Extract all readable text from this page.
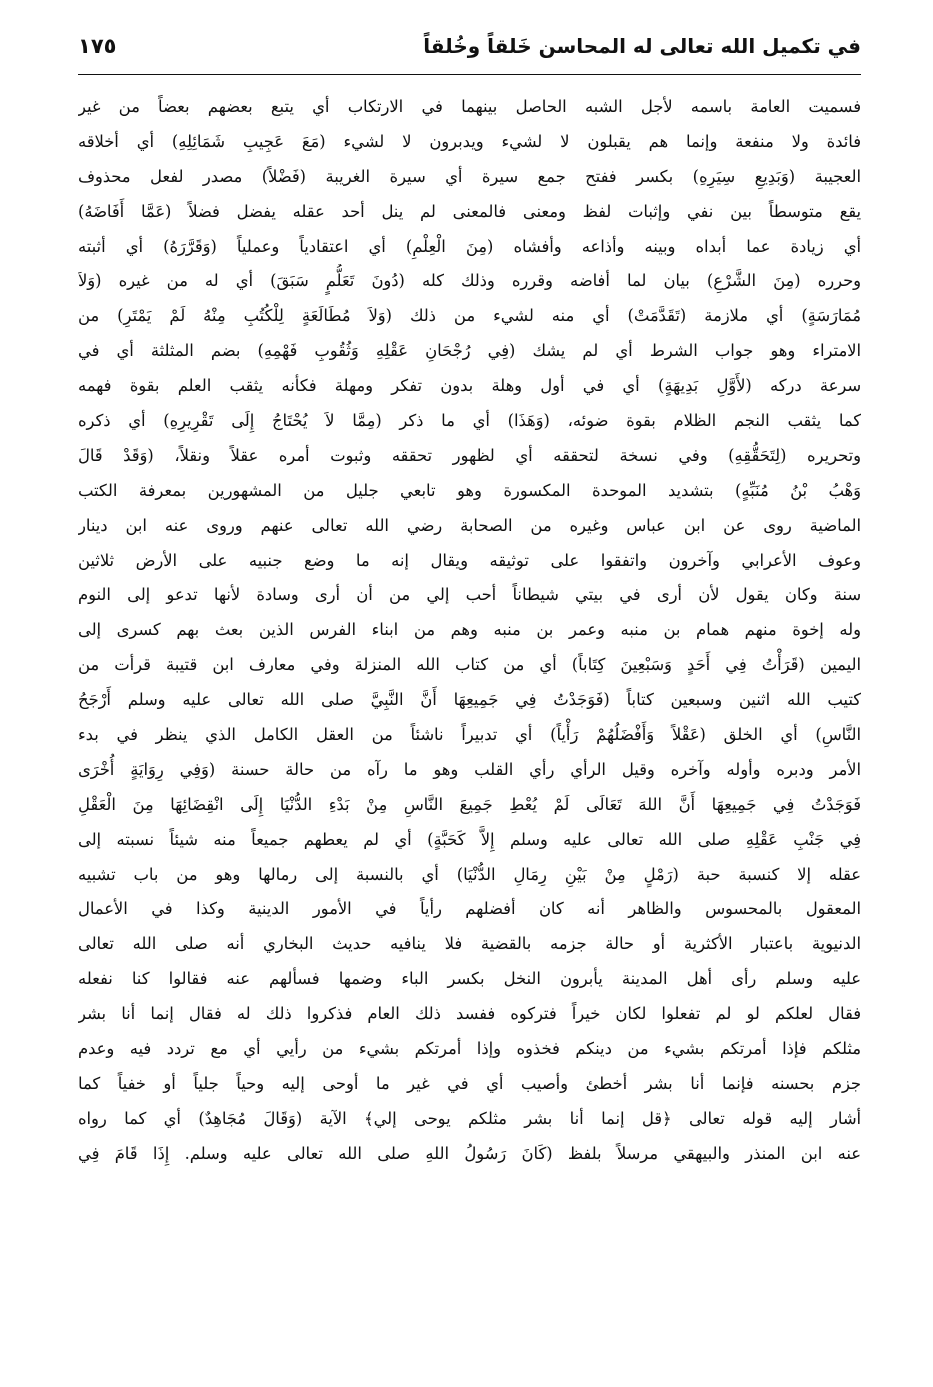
في تكميل الله تعالى له المحاسن خَلقاً وخُلقاً
١٧٥
فسميت العامة باسمه لأجل الشبه الحاصل بينهما في الارتكاب أي يتبع بعضهم بعضاً من غير
فائدة ولا منفعة وإنما هم يقبلون لا لشيء ويدبرون لا لشيء (مَعَ عَجِيبِ شَمَائِلِهِ) أي أخلاقه
العجيبة (وَبَدِيعِ سِيَرِهِ) بكسر ففتح جمع سيرة أي سيرة الغريبة (فَضْلاً) مصدر لفعل محذوف
يقع متوسطاً بين نفي وإثبات لفظ ومعنى فالمعنى لم ينل أحد عقله يفضل فضلاً (عَمَّا أَفَاضَهُ)
أي زيادة عما أبداه وبينه وأذاعه وأفشاه (مِنَ الْعِلْمِ) أي اعتقادياً وعملياً (وَقَرَّرَهُ) أي أثبته
وحرره (مِنَ الشَّرْعِ) بيان لما أفاضه وقرره وذلك كله (دُونَ تَعَلُّمٍ سَبَقَ) أي له من غيره (وَلاَ
مُمَارَسَةٍ) أي ملازمة (تَقَدَّمَتْ) أي منه لشيء من ذلك (وَلاَ مُطَالَعَةٍ لِلْكُتُبِ مِنْهُ لَمْ يَمْتَرِ) من
الامتراء وهو جواب الشرط أي لم يشك (فِي رُجْحَانِ عَقْلِهِ وَثُقُوبِ فَهْمِهِ) بضم المثلثة أي في
سرعة دركه (لأَوَّلِ بَدِيهَةٍ) أي في أول وهلة بدون تفكر ومهلة فكأنه يثقب العلم بقوة فهمه
كما يثقب النجم الظلام بقوة ضوئه، (وَهَذَا) أي ما ذكر (مِمَّا لاَ يُحْتَاجُ إِلَى تَقْرِيرِهِ) أي ذكره
وتحريره (لِتَحَقُّقِهِ) وفي نسخة لتحققه أي لظهور تحققه وثبوت أمره عقلاً ونقلاً، (وَقَدْ قَالَ
وَهْبُ بْنُ مُنَبِّهٍ) بتشديد الموحدة المكسورة وهو تابعي جليل من المشهورين بمعرفة الكتب
الماضية روى عن ابن عباس وغيره من الصحابة رضي الله تعالى عنهم وروى عنه ابن دينار
وعوف الأعرابي وآخرون واتفقوا على توثيقه ويقال إنه ما وضع جنبيه على الأرض ثلاثين
سنة وكان يقول لأن أرى في بيتي شيطاناً أحب إلي من أن أرى وسادة لأنها تدعو إلى النوم
وله إخوة منهم همام بن منبه وعمر بن منبه وهم من ابناء الفرس الذين بعث بهم كسرى إلى
اليمين (قَرَأْتُ فِي أَحَدٍ وَسَبْعِينَ كِتَاباً) أي من كتاب الله المنزلة وفي معارف ابن قتيبة قرأت من
كتيب الله اثنين وسبعين كتاباً (فَوَجَدْتُ فِي جَمِيعِهَا أَنَّ النَّبِيَّ صلى الله تعالى عليه وسلم أَرْجَحُ
النَّاسِ) أي الخلق (عَقْلاً وَأَفْضَلُهُمْ رَأْياً) أي تدبيراً ناشئاً من العقل الكامل الذي ينظر في بدء
الأمر ودبره وأوله وآخره وقيل الرأي رأي القلب وهو ما رآه من حالة حسنة (وَفِي رِوَايَةٍ أُخْرَى
فَوَجَدْتُ فِي جَمِيعِهَا أَنَّ اللهَ تَعَالَى لَمْ يُعْطِ جَمِيعَ النَّاسِ مِنْ بَدْءِ الدُّنْيَا إِلَى انْقِضَائِهَا مِنَ الْعَقْلِ
فِي جَنْبِ عَقْلِهِ صلى الله تعالى عليه وسلم إِلاَّ كَحَبَّةٍ) أي لم يعطهم جميعاً منه شيئاً نسبته إلى
عقله إلا كنسبة حبة (رَمْلٍ مِنْ بَيْنِ رِمَالِ الدُّنْيَا) أي بالنسبة إلى رمالها وهو من باب تشبيه
المعقول بالمحسوس والظاهر أنه كان أفضلهم رأياً في الأمور الدينية وكذا في الأعمال
الدنيوية باعتبار الأكثرية أو حالة جزمه بالقضية فلا ينافيه حديث البخاري أنه صلى الله تعالى
عليه وسلم رأى أهل المدينة يأبرون النخل بكسر الباء وضمها فسألهم عنه فقالوا كنا نفعله
فقال لعلكم لو لم تفعلوا لكان خيراً فتركوه ففسد ذلك العام فذكروا ذلك له فقال إنما أنا بشر
مثلكم فإذا أمرتكم بشيء من دينكم فخذوه وإذا أمرتكم بشيء من رأيي أي مع تردد فيه وعدم
جزم بحسنه فإنما أنا بشر أخطئ وأصيب أي في غير ما أوحى إليه وحياً جلياً أو خفياً كما
أشار إليه قوله تعالى ﴿قل إنما أنا بشر مثلكم يوحى إلي﴾ الآية (وَقَالَ مُجَاهِدٌ) أي كما رواه
عنه ابن المنذر والبيهقي مرسلاً بلفظ (كَانَ رَسُولُ اللهِ صلى الله تعالى عليه وسلم. إِذَا قَامَ فِي
